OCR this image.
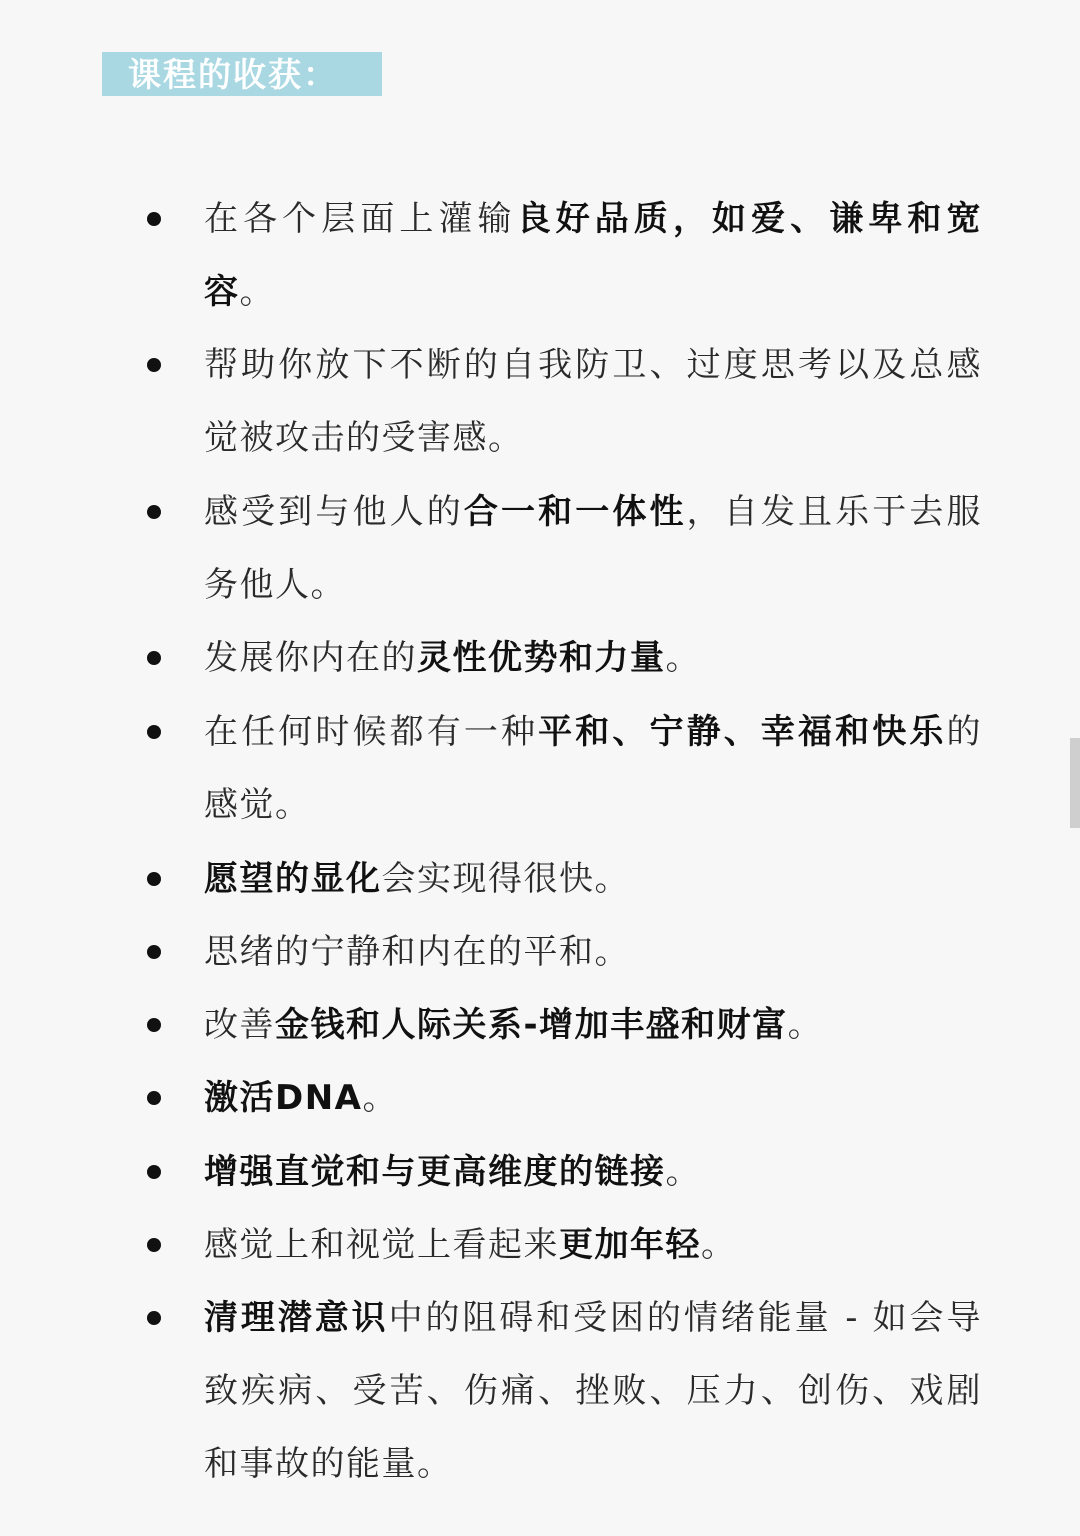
课程的收获：
在各个层面上灌输良好品质，如爱、谦卑和宽容。
帮助你放下不断的自我防卫、过度思考以及总感觉被攻击的受害感。
感受到与他人的合一和一体性，自发且乐于去服务他人。
发展你内在的灵性优势和力量。
在任何时候都有一种平和、宁静、幸福和快乐的感觉。
愿望的显化会实现得很快。
思绪的宁静和内在的平和。
改善金钱和人际关系-增加丰盛和财富。
激活DNA。
增强直觉和与更高维度的链接。
感觉上和视觉上看起来更加年轻。
清理潜意识中的阻碍和受困的情绪能量 - 如会导致疾病、受苦、伤痛、挫败、压力、创伤、戏剧和事故的能量。
